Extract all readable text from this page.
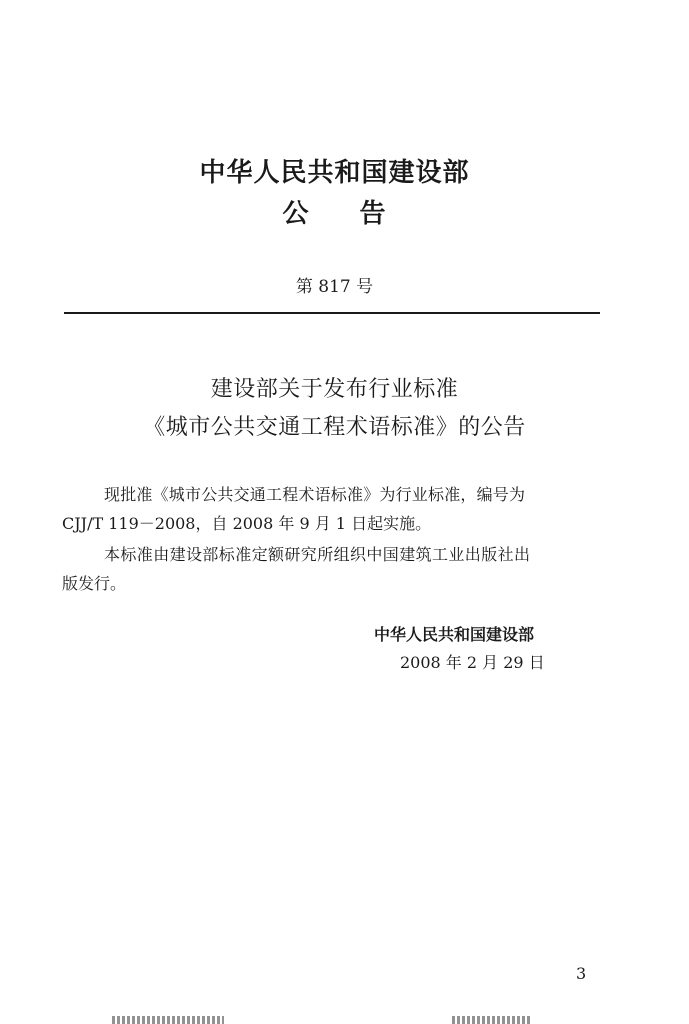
中华人民共和国建设部
公 告
第 817 号
建设部关于发布行业标准
《城市公共交通工程术语标准》的公告
现批准《城市公共交通工程术语标准》为行业标准，编号为
CJJ/T 119－2008，自 2008 年 9 月 1 日起实施。
本标准由建设部标准定额研究所组织中国建筑工业出版社出
版发行。
中华人民共和国建设部
2008 年 2 月 29 日
3
